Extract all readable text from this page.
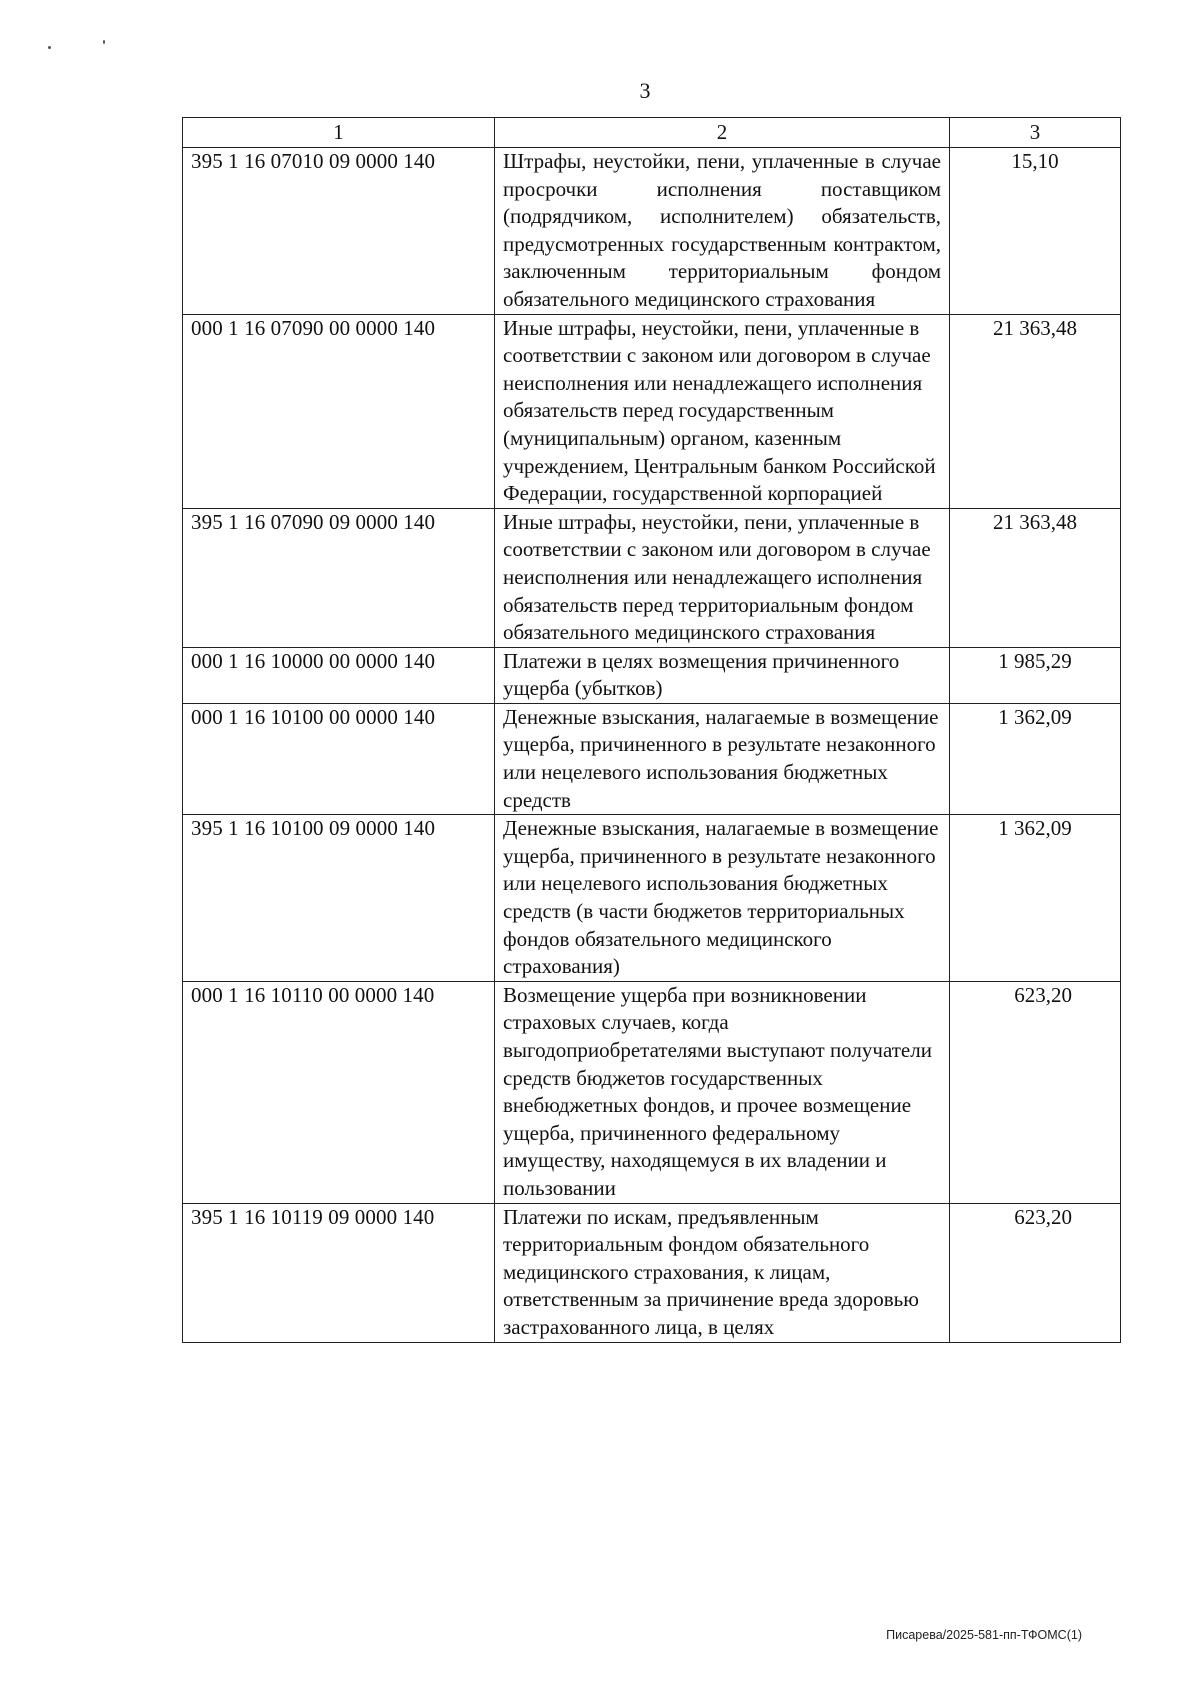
3
1	2	3
395 1 16 07010 09 0000 140	Штрафы, неустойки, пени, уплаченные в случае просрочки исполнения поставщиком (подрядчиком, исполнителем) обязательств, предусмотренных государственным контрактом, заключенным территориальным фондом обязательного медицинского страхования	15,10
000 1 16 07090 00 0000 140	Иные штрафы, неустойки, пени, уплаченные в соответствии с законом или договором в случае неисполнения или ненадлежащего исполнения обязательств перед государственным (муниципальным) органом, казенным учреждением, Центральным банком Российской Федерации, государственной корпорацией	21 363,48
395 1 16 07090 09 0000 140	Иные штрафы, неустойки, пени, уплаченные в соответствии с законом или договором в случае неисполнения или ненадлежащего исполнения обязательств перед территориальным фондом обязательного медицинского страхования	21 363,48
000 1 16 10000 00 0000 140	Платежи в целях возмещения причиненного ущерба (убытков)	1 985,29
000 1 16 10100 00 0000 140	Денежные взыскания, налагаемые в возмещение ущерба, причиненного в результате незаконного или нецелевого использования бюджетных средств	1 362,09
395 1 16 10100 09 0000 140	Денежные взыскания, налагаемые в возмещение ущерба, причиненного в результате незаконного или нецелевого использования бюджетных средств (в части бюджетов территориальных фондов обязательного медицинского страхования)	1 362,09
000 1 16 10110 00 0000 140	Возмещение ущерба при возникновении страховых случаев, когда выгодоприобретателями выступают получатели средств бюджетов государственных внебюджетных фондов, и прочее возмещение ущерба, причиненного федеральному имуществу, находящемуся в их владении и пользовании	623,20
395 1 16 10119 09 0000 140	Платежи по искам, предъявленным территориальным фондом обязательного медицинского страхования, к лицам, ответственным за причинение вреда здоровью застрахованного лица, в целях	623,20
Писарева/2025-581-пп-ТФОМС(1)
